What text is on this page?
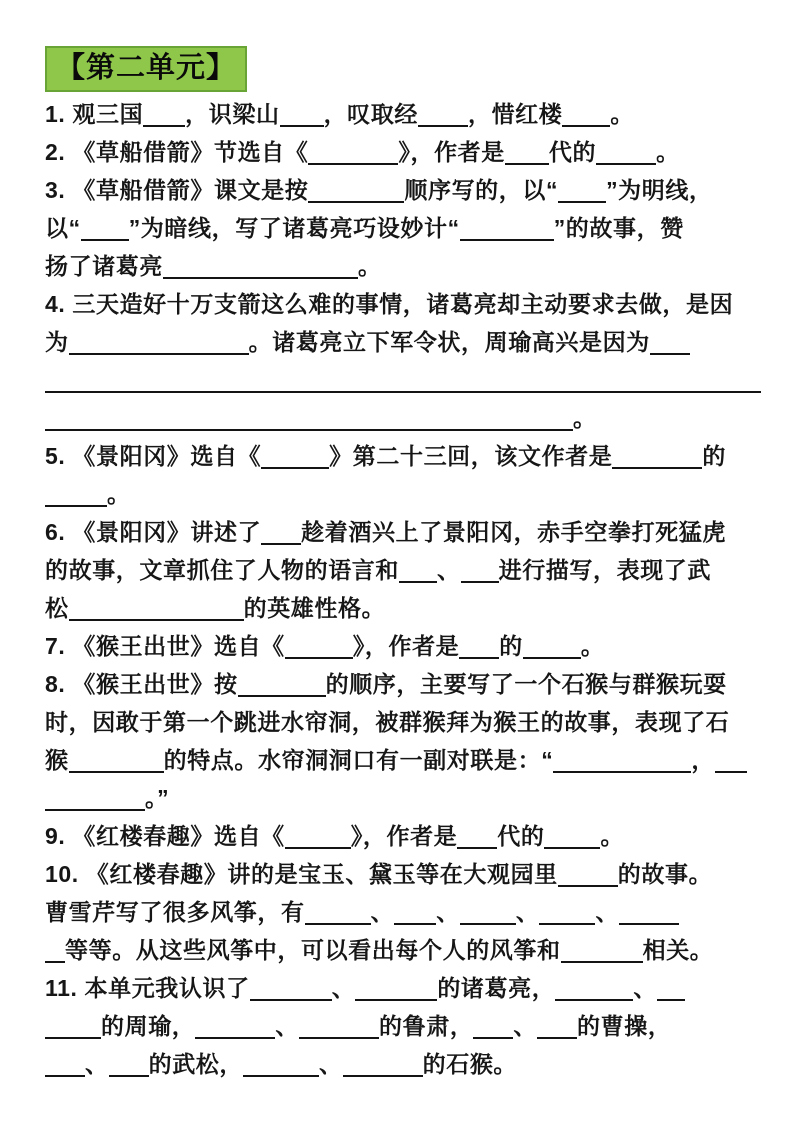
【第二单元】
1. 观三国 ，识梁山 ，叹取经 ，惜红楼 。
2. 《草船借箭》节选自《	》，作者是 代的	。
3. 《草船借箭》课文是按	顺序写的，以“ ”为明线，
以“ ”为暗线，写了诸葛亮巧设妙计“	”的故事，赞
扬了诸葛亮	。
4. 三天造好十万支箭这么难的事情，诸葛亮却主动要求去做，是因
为	。诸葛亮立下军令状，周瑜高兴是因为
。
5. 《景阳冈》选自《	》第二十三回，该文作者是	的
。
6. 《景阳冈》讲述了 趁着酒兴上了景阳冈，赤手空拳打死猛虎
的故事，文章抓住了人物的语言和 、 进行描写，表现了武
松	的英雄性格。
7. 《猴王出世》选自《	》，作者是 的	。
8. 《猴王出世》按	的顺序，主要写了一个石猴与群猴玩耍
时，因敢于第一个跳进水帘洞，被群猴拜为猴王的故事，表现了石
猴	的特点。水帘洞洞口有一副对联是：“	，
。”
9. 《红楼春趣》选自《	》，作者是 代的 。
10. 《红楼春趣》讲的是宝玉、黛玉等在大观园里	的故事。
曹雪芹写了很多风筝，有	、 、 、 、
等等。从这些风筝中，可以看出每个人的风筝和	相关。
11. 本单元我认识了	、	的诸葛亮，	、
的周瑜，	、	的鲁肃， 、 的曹操，
、 的武松，	、	的石猴。
